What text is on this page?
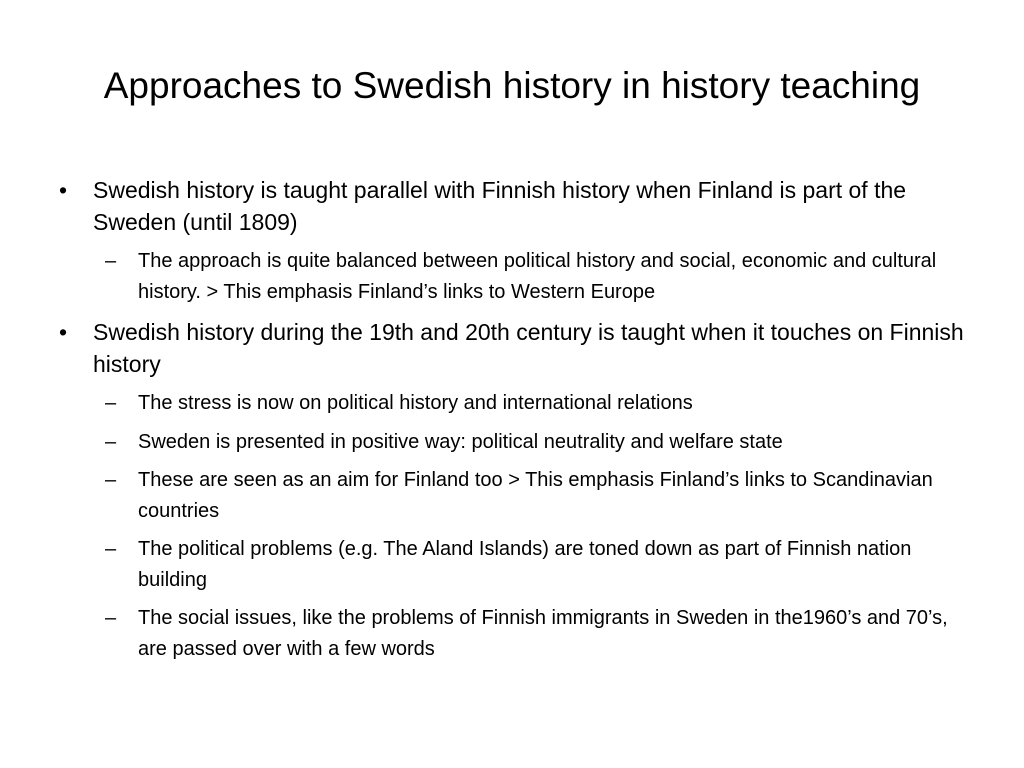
Approaches to Swedish history in history teaching
• Swedish history is taught parallel with Finnish history when Finland is part of the Sweden (until 1809)
– The approach is quite balanced between political history and social, economic and cultural history. > This emphasis Finland’s links to Western Europe
• Swedish history during the 19th and 20th century is taught when it touches on Finnish history
– The stress is now on political history and international relations
– Sweden is presented in positive way: political neutrality and welfare state
– These are seen as an aim for Finland too > This emphasis Finland’s links to Scandinavian countries
– The political problems (e.g. The Aland Islands) are toned down as part of Finnish nation building
– The social issues, like the problems of Finnish immigrants in Sweden in the1960’s and 70’s, are passed over with a few words
